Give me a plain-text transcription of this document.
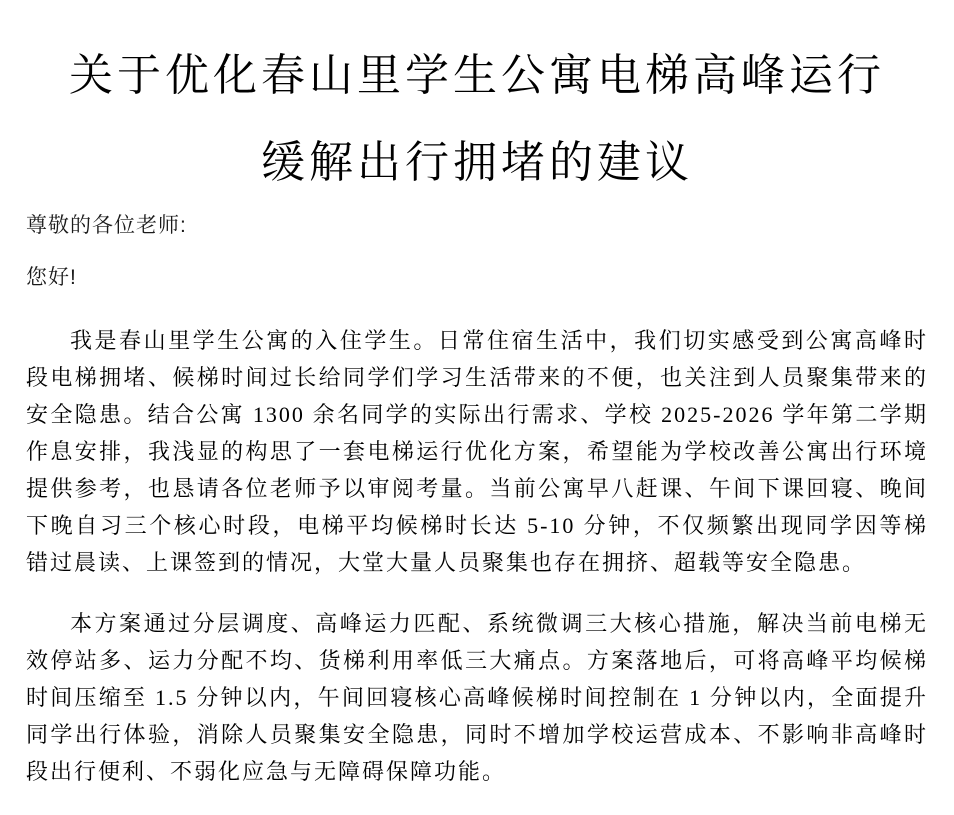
关于优化春山里学生公寓电梯高峰运行
缓解出行拥堵的建议

尊敬的各位老师:

您好!

我是春山里学生公寓的入住学生。日常住宿生活中，我们切实感受到公寓高峰时段电梯拥堵、候梯时间过长给同学们学习生活带来的不便，也关注到人员聚集带来的安全隐患。结合公寓 1300 余名同学的实际出行需求、学校 2025-2026 学年第二学期作息安排，我浅显的构思了一套电梯运行优化方案，希望能为学校改善公寓出行环境提供参考，也恳请各位老师予以审阅考量。当前公寓早八赶课、午间下课回寝、晚间下晚自习三个核心时段，电梯平均候梯时长达 5-10 分钟，不仅频繁出现同学因等梯错过晨读、上课签到的情况，大堂大量人员聚集也存在拥挤、超载等安全隐患。

本方案通过分层调度、高峰运力匹配、系统微调三大核心措施，解决当前电梯无效停站多、运力分配不均、货梯利用率低三大痛点。方案落地后，可将高峰平均候梯时间压缩至 1.5 分钟以内，午间回寝核心高峰候梯时间控制在 1 分钟以内，全面提升同学出行体验，消除人员聚集安全隐患，同时不增加学校运营成本、不影响非高峰时段出行便利、不弱化应急与无障碍保障功能。
